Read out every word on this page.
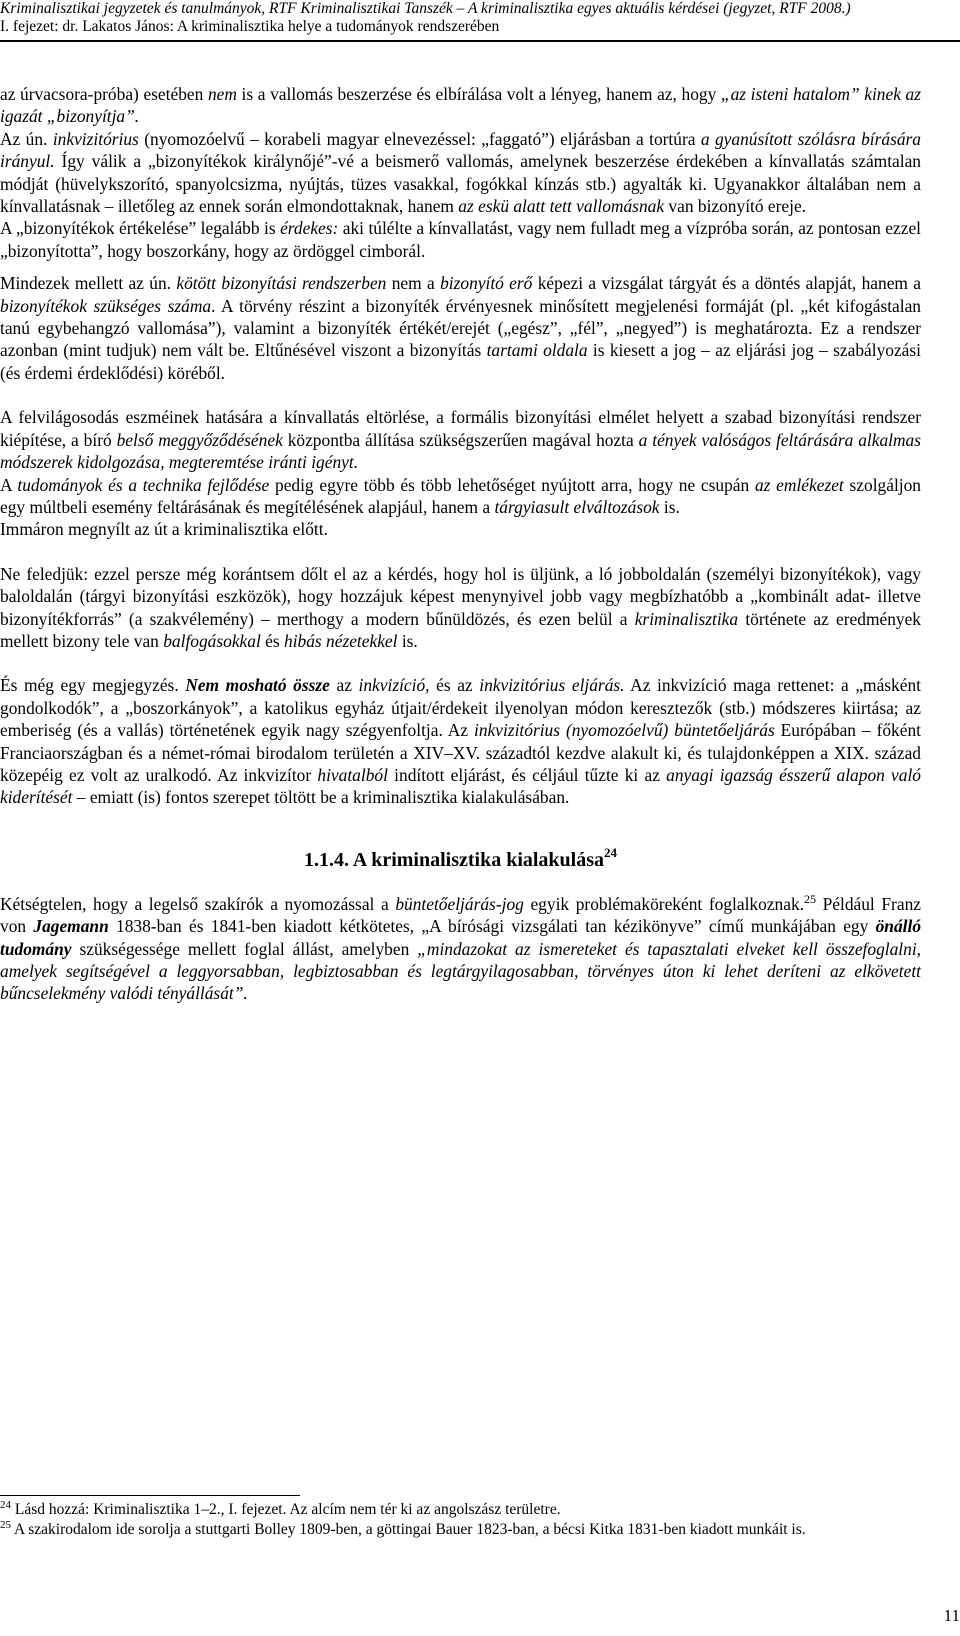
Kriminalisztikai jegyzetek és tanulmányok, RTF Kriminalisztikai Tanszék – A kriminalisztika egyes aktuális kérdései (jegyzet, RTF 2008.)
I. fejezet: dr. Lakatos János: A kriminalisztika helye a tudományok rendszerében

az úrvacsora-próba) esetében nem is a vallomás beszerzése és elbírálása volt a lényeg, hanem az, hogy „az isteni hatalom” kinek az igazát „bizonyítja”.
Az ún. inkvizitórius (nyomozóelvű – korabeli magyar elnevezéssel: „faggató”) eljárásban a tortúra a gyanúsított szólásra bírására irányul. Így válik a „bizonyítékok királynőjé”-vé a beismerő vallomás, amelynek beszerzése érdekében a kínvallatás számtalan módját (hüvelykszorító, spanyolcsizma, nyújtás, tüzes vasakkal, fogókkal kínzás stb.) agyalták ki. Ugyanakkor általában nem a kínvallatásnak – illetőleg az ennek során elmondottaknak, hanem az eskü alatt tett vallomásnak van bizonyító ereje.
A „bizonyítékok értékelése” legalább is érdekes: aki túlélte a kínvallatást, vagy nem fulladt meg a vízpróba során, az pontosan ezzel „bizonyította”, hogy boszorkány, hogy az ördöggel cimborál.

Mindezek mellett az ún. kötött bizonyítási rendszerben nem a bizonyító erő képezi a vizsgálat tárgyát és a döntés alapját, hanem a bizonyítékok szükséges száma. A törvény részint a bizonyíték érvényesnek minősített megjelenési formáját (pl. „két kifogástalan tanú egybehangzó vallomása”), valamint a bizonyíték értékét/erejét („egész”, „fél”, „negyed”) is meghatározta. Ez a rendszer azonban (mint tudjuk) nem vált be. Eltűnésével viszont a bizonyítás tartami oldala is kiesett a jog – az eljárási jog – szabályozási (és érdemi érdeklődési) köréből.

A felvilágosodás eszméinek hatására a kínvallatás eltörlése, a formális bizonyítási elmélet helyett a szabad bizonyítási rendszer kiépítése, a bíró belső meggyőződésének központba állítása szükségszerűen magával hozta a tények valóságos feltárására alkalmas módszerek kidolgozása, megteremtése iránti igényt.
A tudományok és a technika fejlődése pedig egyre több és több lehetőséget nyújtott arra, hogy ne csupán az emlékezet szolgáljon egy múltbeli esemény feltárásának és megítélésének alapjául, hanem a tárgyiasult elváltozások is.
Immáron megnyílt az út a kriminalisztika előtt.

Ne feledjük: ezzel persze még korántsem dőlt el az a kérdés, hogy hol is üljünk, a ló jobboldalán (személyi bizonyítékok), vagy baloldalán (tárgyi bizonyítási eszközök), hogy hozzájuk képest menynyivel jobb vagy megbízhatóbb a „kombinált adat- illetve bizonyítékforrás” (a szakvélemény) – merthogy a modern bűnüldözés, és ezen belül a kriminalisztika története az eredmények mellett bizony tele van balfogásokkal és hibás nézetekkel is.

És még egy megjegyzés. Nem mosható össze az inkvizíció, és az inkvizitórius eljárás. Az inkvizíció maga rettenet: a „másként gondolkodók”, a „boszorkányok”, a katolikus egyház útjait/érdekeit ilyenolyan módon keresztezők (stb.) módszeres kiirtása; az emberiség (és a vallás) történetének egyik nagy szégyenfoltja. Az inkvizitórius (nyomozóelvű) büntetőeljárás Európában – főként Franciaországban és a német-római birodalom területén a XIV–XV. századtól kezdve alakult ki, és tulajdonképpen a XIX. század közepéig ez volt az uralkodó. Az inkvizítor hivatalból indított eljárást, és céljául tűzte ki az anyagi igazság ésszerű alapon való kiderítését – emiatt (is) fontos szerepet töltött be a kriminalisztika kialakulásában.

1.1.4. A kriminalisztika kialakulása$^{24}$

Kétségtelen, hogy a legelső szakírók a nyomozással a büntetőeljárás-jog egyik problémaköreként foglalkoznak.$^{25}$ Például Franz von Jagemann 1838-ban és 1841-ben kiadott kétkötetes, „A bírósági vizsgálati tan kézikönyve” című munkájában egy önálló tudomány szükségessége mellett foglal állást, amelyben „mindazokat az ismereteket és tapasztalati elveket kell összefoglalni, amelyek segítségével a leggyorsabban, legbiztosabban és legtárgyilagosabban, törvényes úton ki lehet deríteni az elkövetett bűncselekmény valódi tényállását”.

$^{24}$ Lásd hozzá: Kriminalisztika 1–2., I. fejezet. Az alcím nem tér ki az angolszász területre.

$^{25}$ A szakirodalom ide sorolja a stuttgarti Bolley 1809-ben, a göttingai Bauer 1823-ban, a bécsi Kitka 1831-ben kiadott munkáit is.

11
